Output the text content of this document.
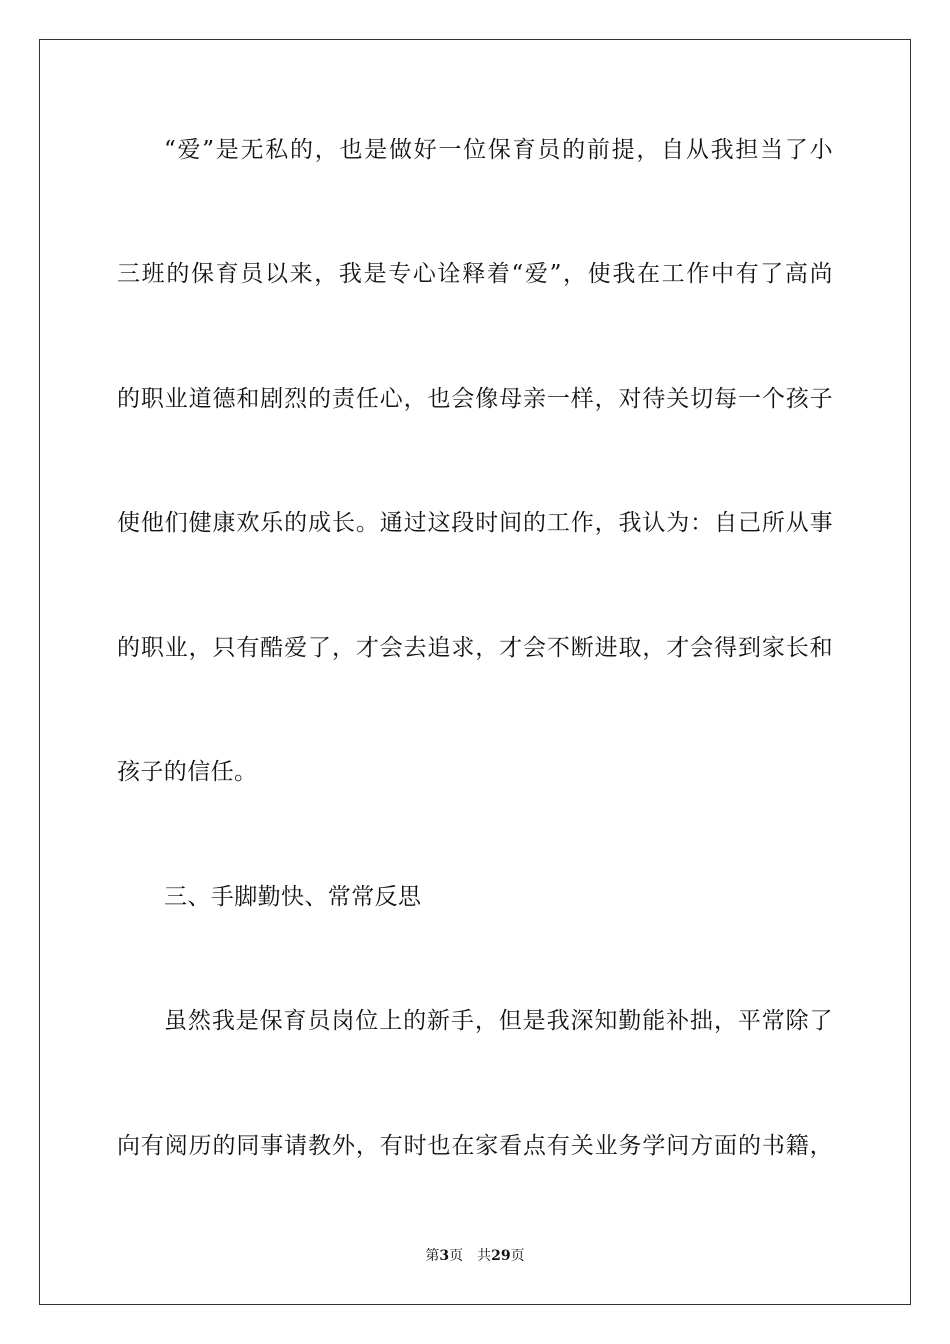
“爱”是无私的，也是做好一位保育员的前提，自从我担当了小
三班的保育员以来，我是专心诠释着“爱”，使我在工作中有了高尚
的职业道德和剧烈的责任心，也会像母亲一样，对待关切每一个孩子
使他们健康欢乐的成长。通过这段时间的工作，我认为：自己所从事
的职业，只有酷爱了，才会去追求，才会不断进取，才会得到家长和
孩子的信任。
三、手脚勤快、常常反思
虽然我是保育员岗位上的新手，但是我深知勤能补拙，平常除了
向有阅历的同事请教外，有时也在家看点有关业务学问方面的书籍，
第3页 共29页
